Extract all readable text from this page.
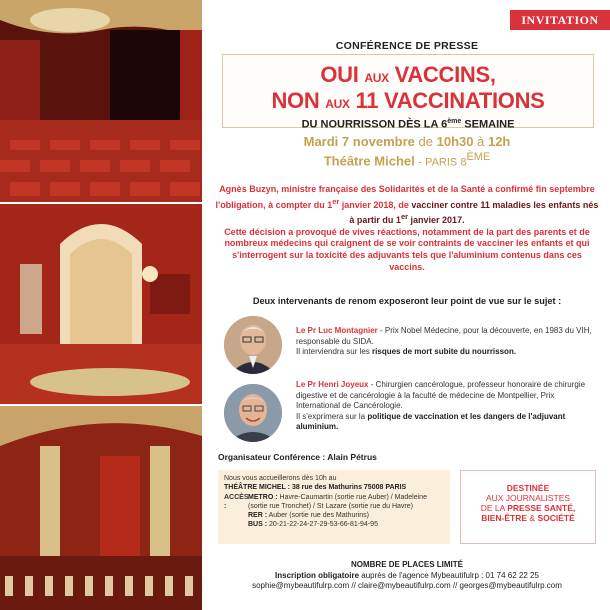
INVITATION
CONFÉRENCE DE PRESSE
OUI AUX VACCINS,
NON AUX 11 VACCINATIONS
DU NOURRISSON DÈS LA 6ème SEMAINE
Mardi 7 novembre de 10h30 à 12h
Théâtre Michel - PARIS 8ÈME

Agnès Buzyn, ministre française des Solidarités et de la Santé a confirmé fin septembre l'obligation, à compter du 1er janvier 2018, de vacciner contre 11 maladies les enfants nés à partir du 1er janvier 2017.

Cette décision a provoqué de vives réactions, notamment de la part des parents et de nombreux médecins qui craignent de se voir contraints de vacciner les enfants et qui s'interrogent sur la toxicité des adjuvants tels que l'aluminium contenus dans ces vaccins.

Deux intervenants de renom exposeront leur point de vue sur le sujet :
Le Pr Luc Montagnier - Prix Nobel Médecine, pour la découverte, en 1983 du VIH, responsable du SIDA.
Il interviendra sur les risques de mort subite du nourrisson.
Le Pr Henri Joyeux - Chirurgien cancérologue, professeur honoraire de chirurgie digestive et de cancérologie à la faculté de médecine de Montpellier, Prix International de Cancérologie.
Il s'exprimera sur la politique de vaccination et les dangers de l'adjuvant aluminium.
Organisateur Conférence : Alain Pétrus
Nous vous accueillerons dès 10h au
THÉÂTRE MICHEL : 38 rue des Mathurins 75008 PARIS
ACCÈS :METRO : Havre-Caumartin (sortie rue Auber) / Madeleine (sortie rue Tronchet) / St Lazare (sortie rue du Havre)
RER : Auber (sortie rue des Mathurins)
BUS : 20-21-22-24-27-29-53-66-81-94-95
DESTINÉE
AUX JOURNALISTES
DE LA PRESSE SANTÉ,
BIEN-ÊTRE & SOCIÉTÉ
NOMBRE DE PLACES LIMITÉ
Inscription obligatoire auprès de l'agence Mybeautifulrp : 01 74 62 22 25
sophie@mybeautifulrp.com // claire@mybeautifulrp.com // georges@mybeautifulrp.com
